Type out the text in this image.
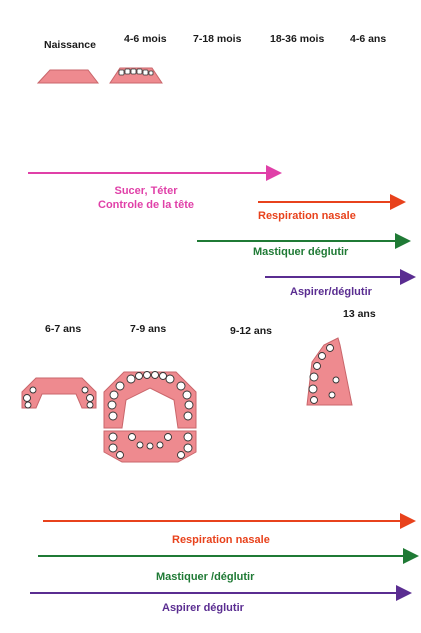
Naissance	4-6 mois	7-18 mois	18-36 mois 4-6 ans
6-7 ans	7-9 ans	9-12 ans
13 ans
Sucer, Téter
Controle de la tête
Respiration nasale
Mastiquer déglutir
Aspirer/déglutir
Respiration nasale
Mastiquer /déglutir
Aspirer déglutir
